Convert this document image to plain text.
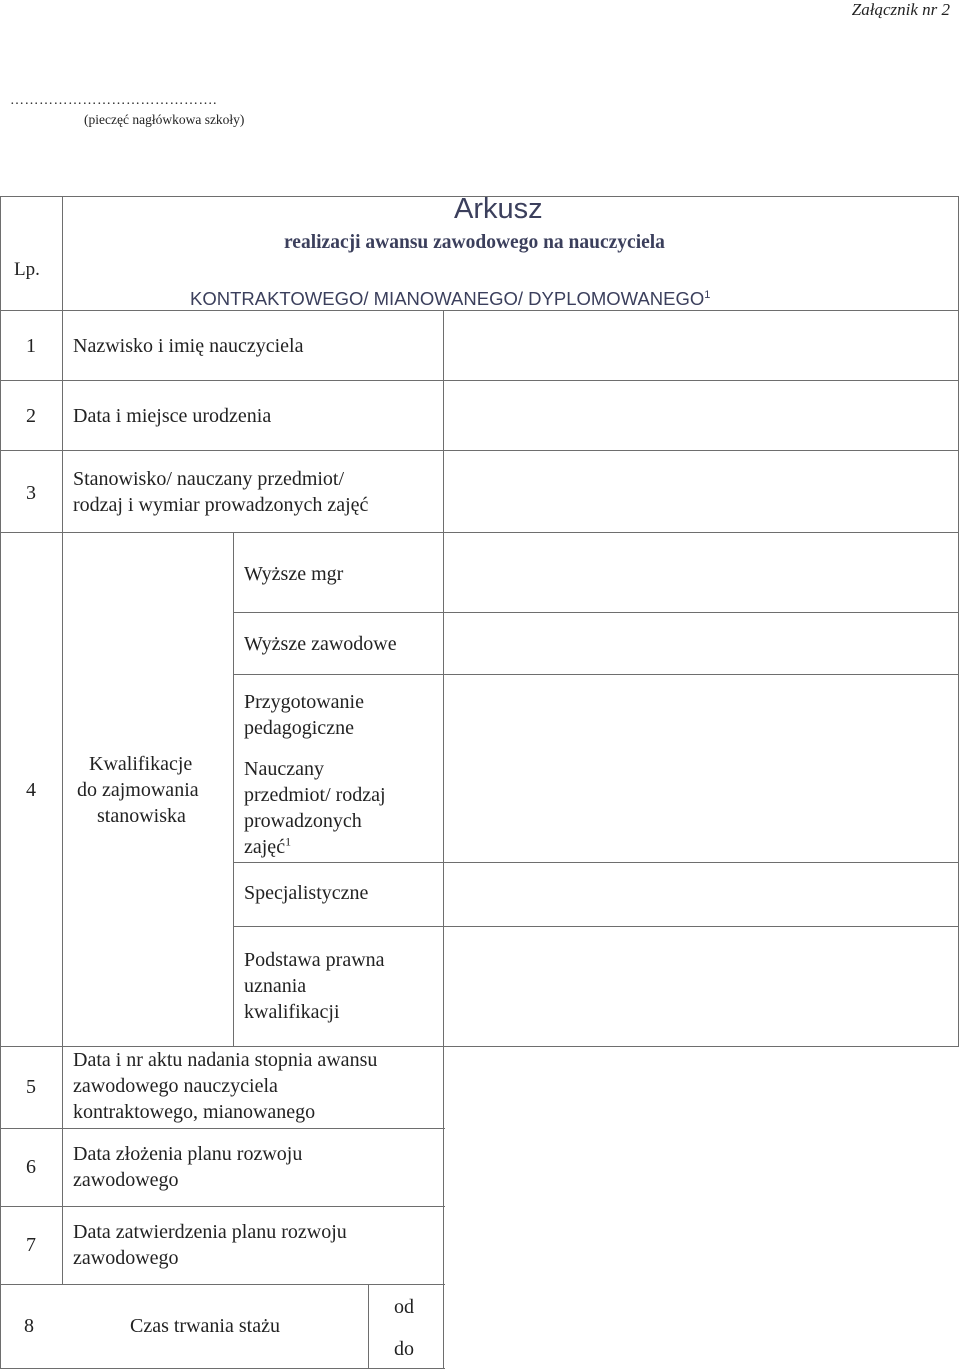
Załącznik nr 2
…………………………………….
(pieczęć nagłówkowa szkoły)
Lp.
Arkusz
realizacji awansu zawodowego na nauczyciela
KONTRAKTOWEGO/ MIANOWANEGO/ DYPLOMOWANEGO$^1$
1 Nazwisko i imię nauczyciela
2 Data i miejsce urodzenia
3
Stanowisko/ nauczany przedmiot/
rodzaj i wymiar prowadzonych zajęć
4
Kwalifikacje
do zajmowania
stanowiska
Wyższe mgr
Wyższe zawodowe
Przygotowanie
pedagogiczne
Nauczany
przedmiot/ rodzaj
prowadzonych
zajęć$^1$
Specjalistyczne
Podstawa prawna
uznania
kwalifikacji
5
Data i nr aktu nadania stopnia awansu
zawodowego nauczyciela
kontraktowego, mianowanego
6
Data złożenia planu rozwoju
zawodowego
7
Data zatwierdzenia planu rozwoju
zawodowego
8	Czas trwania stażu
od
do
